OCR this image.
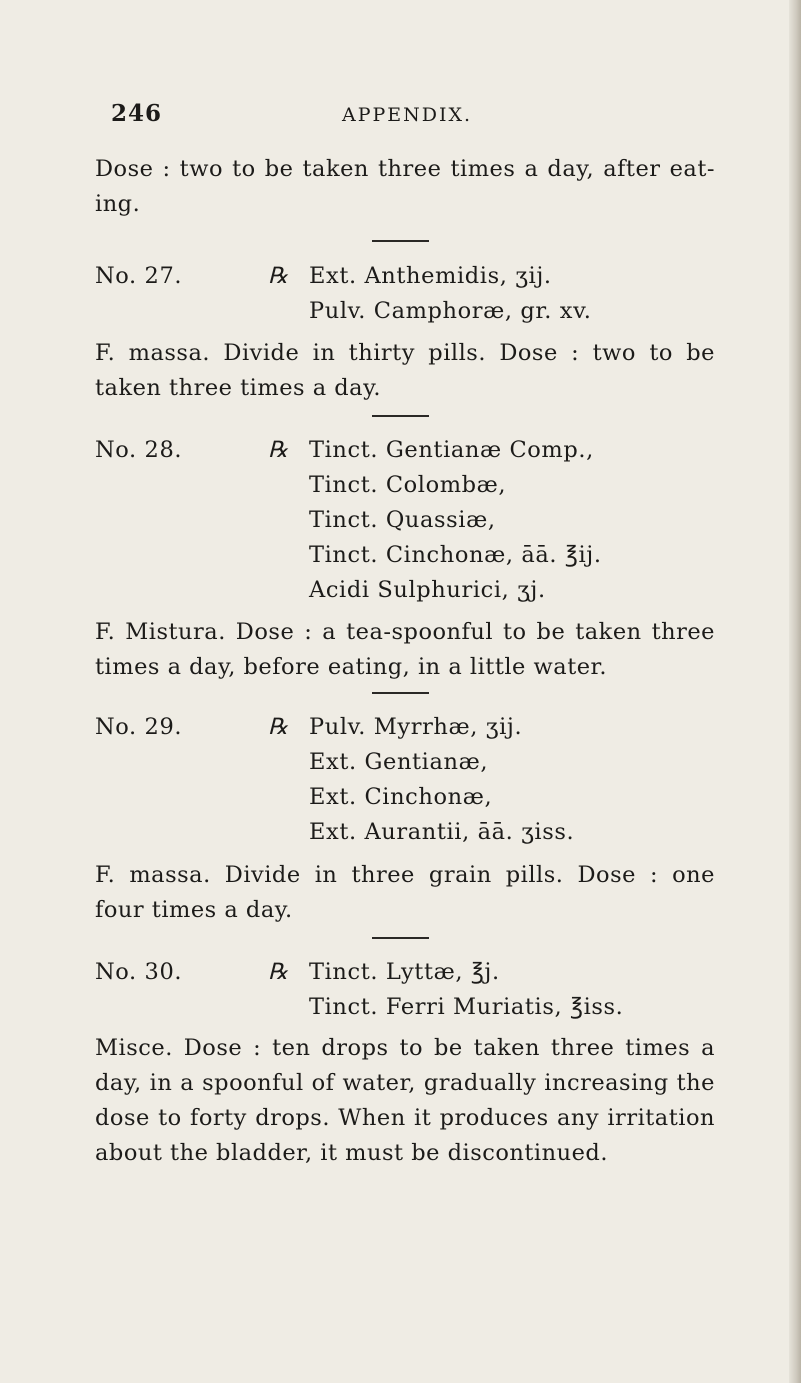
246	APPENDIX.

Dose : two to be taken three times a day, after eat-
ing.

No. 27.	℞ Ext. Anthemidis, ʒij.
Pulv. Camphoræ, gr. xv.

F. massa. Divide in thirty pills. Dose : two to be
taken three times a day.

No. 28.	℞ Tinct. Gentianæ Comp.,
Tinct. Colombæ,
Tinct. Quassiæ,
Tinct. Cinchonæ, āā. ℥ij.
Acidi Sulphurici, ʒj.

F. Mistura. Dose : a tea-spoonful to be taken three
times a day, before eating, in a little water.

No. 29.	℞ Pulv. Myrrhæ, ʒij.
Ext. Gentianæ,
Ext. Cinchonæ,
Ext. Aurantii, āā. ʒiss.

F. massa. Divide in three grain pills. Dose : one
four times a day.

No. 30.	℞ Tinct. Lyttæ, ℥j.
Tinct. Ferri Muriatis, ℥iss.

Misce. Dose : ten drops to be taken three times a
day, in a spoonful of water, gradually increasing the
dose to forty drops. When it produces any irritation
about the bladder, it must be discontinued.
